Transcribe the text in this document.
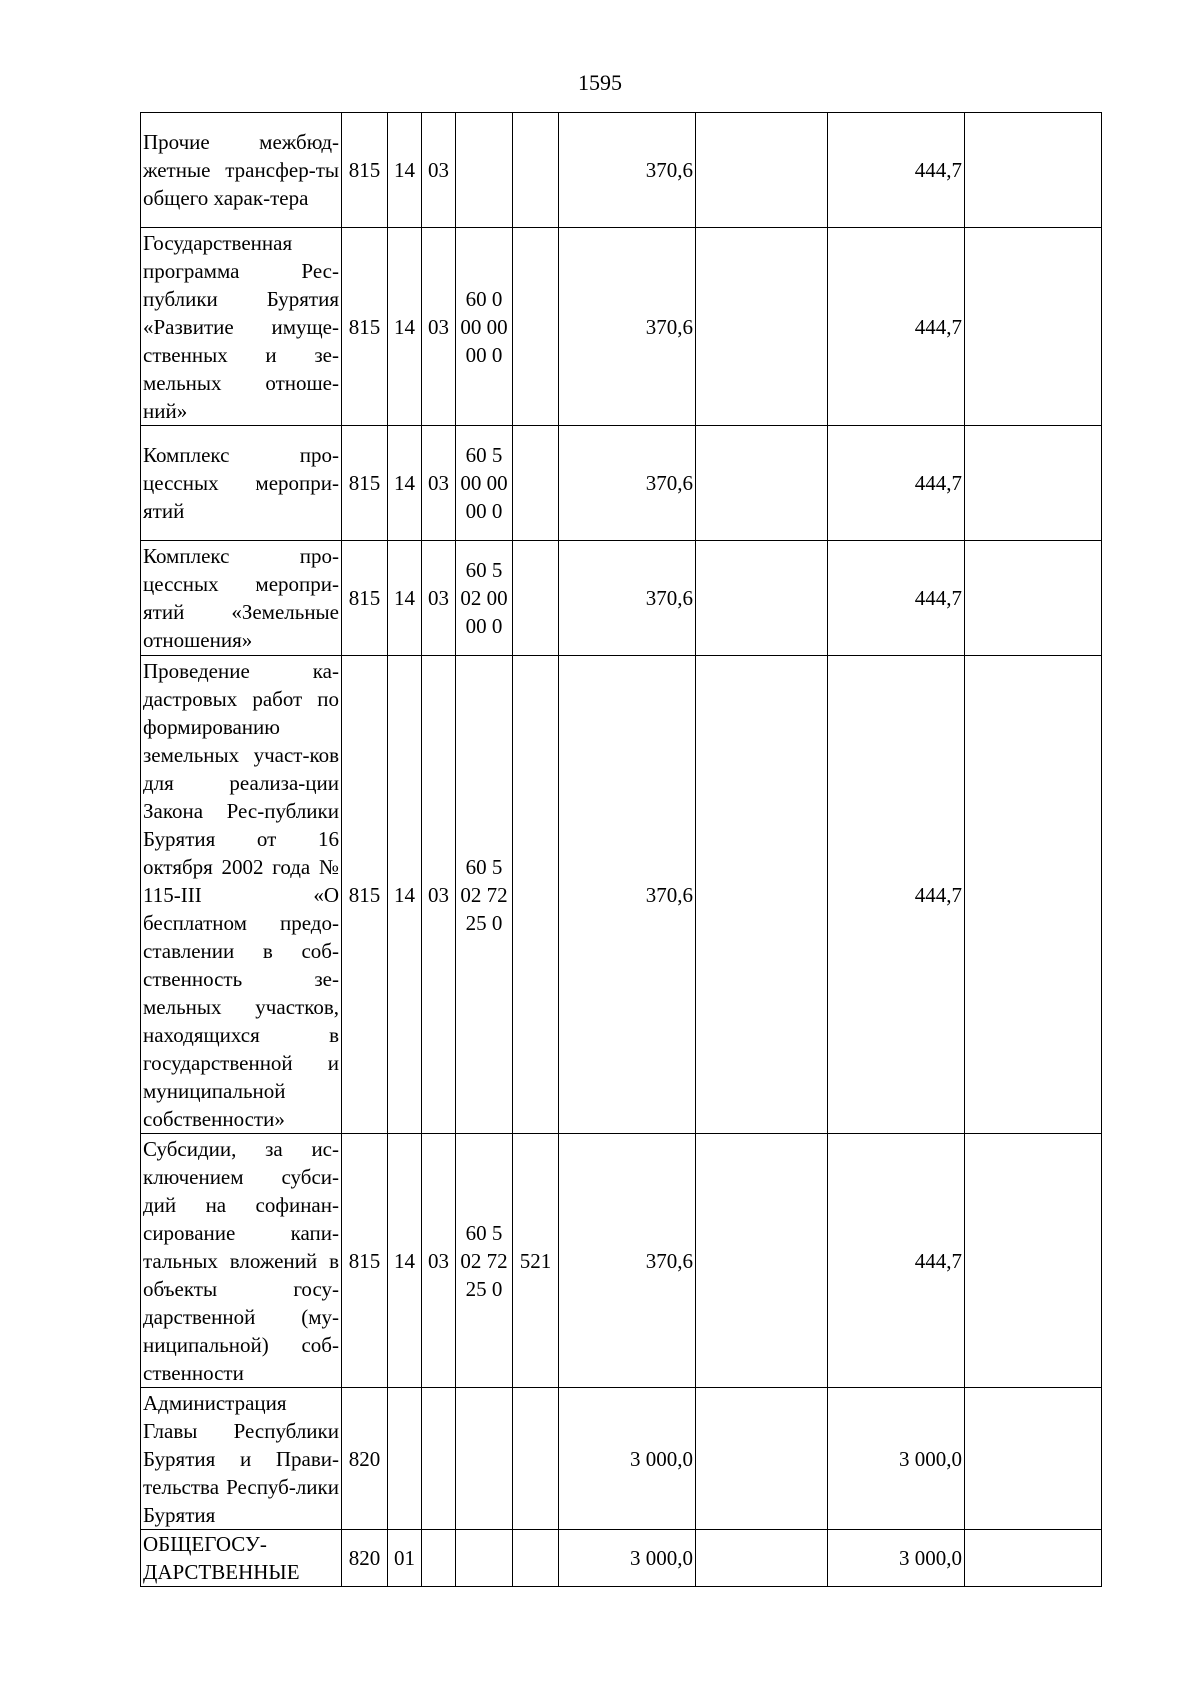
1595
Прочие межбюд-жетные трансфер-ты общего харак-тера	815	14	03			370,6		444,7	
Государственная программа Рес-публики Бурятия «Развитие имуще-ственных и зе-мельных отноше-ний»	815	14	03	60 0 00 0000 0		370,6		444,7	
Комплекс про-цессных меропри-ятий	815	14	03	60 5 00 0000 0		370,6		444,7	
Комплекс про-цессных меропри-ятий «Земельные отношения»	815	14	03	60 5 02 0000 0		370,6		444,7	
Проведение ка-дастровых работ по формированию земельных участ-ков для реализа-ции Закона Рес-публики Бурятия от 16 октября 2002 года № 115-III «О бесплатном предо-ставлении в соб-ственность зе-мельных участков, находящихся в государственной и муниципальной собственности»	815	14	03	60 5 02 7225 0		370,6		444,7	
Субсидии, за ис-ключением субси-дий на софинан-сирование капи-тальных вложений в объекты госу-дарственной (му-ниципальной) соб-ственности	815	14	03	60 5 02 7225 0	521	370,6		444,7	
Администрация Главы Республики Бурятия и Прави-тельства Респуб-лики Бурятия	820					3 000,0		3 000,0	
ОБЩЕГОСУ-ДАРСТВЕННЫЕ	820	01				3 000,0		3 000,0	
